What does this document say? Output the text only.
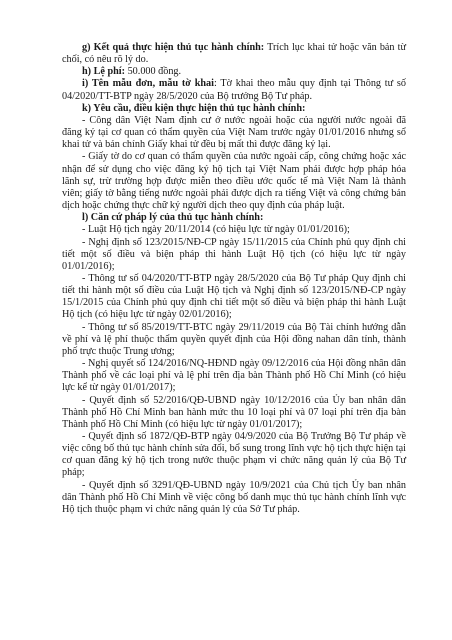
g) Kết quả thực hiện thủ tục hành chính: Trích lục khai tử hoặc văn bản từ chối, có nêu rõ lý do.

h) Lệ phí: 50.000 đồng.

i) Tên mẫu đơn, mẫu tờ khai: Tờ khai theo mẫu quy định tại Thông tư số 04/2020/TT-BTP ngày 28/5/2020 của Bộ trưởng Bộ Tư pháp.

k) Yêu cầu, điều kiện thực hiện thủ tục hành chính:

- Công dân Việt Nam định cư ở nước ngoài hoặc của người nước ngoài đã đăng ký tại cơ quan có thẩm quyền của Việt Nam trước ngày 01/01/2016 nhưng sổ khai tử và bản chính Giấy khai tử đều bị mất thì được đăng ký lại.

- Giấy tờ do cơ quan có thẩm quyền của nước ngoài cấp, công chứng hoặc xác nhận để sử dụng cho việc đăng ký hộ tịch tại Việt Nam phải được hợp pháp hóa lãnh sự, trừ trường hợp được miễn theo điều ước quốc tế mà Việt Nam là thành viên; giấy tờ bằng tiếng nước ngoài phải được dịch ra tiếng Việt và công chứng bản dịch hoặc chứng thực chữ ký người dịch theo quy định của pháp luật.

l) Căn cứ pháp lý của thủ tục hành chính:

- Luật Hộ tịch ngày 20/11/2014 (có hiệu lực từ ngày 01/01/2016);

- Nghị định số 123/2015/NĐ-CP ngày 15/11/2015 của Chính phủ quy định chi tiết một số điều và biện pháp thi hành Luật Hộ tịch (có hiệu lực từ ngày 01/01/2016);

- Thông tư số 04/2020/TT-BTP ngày 28/5/2020 của Bộ Tư pháp Quy định chi tiết thi hành một số điều của Luật Hộ tịch và Nghị định số 123/2015/NĐ-CP ngày 15/1/2015 của Chính phủ quy định chi tiết một số điều và biện pháp thi hành Luật Hộ tịch (có hiệu lực từ ngày 02/01/2016);

- Thông tư số 85/2019/TT-BTC ngày 29/11/2019 của Bộ Tài chính hướng dẫn về phí và lệ phí thuộc thẩm quyền quyết định của Hội đồng nahan dân tỉnh, thành phố trực thuộc Trung ương;

- Nghị quyết số 124/2016/NQ-HĐND ngày 09/12/2016 của Hội đồng nhân dân Thành phố về các loại phí và lệ phí trên địa bàn Thành phố Hồ Chí Minh (có hiệu lực kể từ ngày 01/01/2017);

- Quyết định số 52/2016/QĐ-UBND ngày 10/12/2016 của Ủy ban nhân dân Thành phố Hồ Chí Minh ban hành mức thu 10 loại phí và 07 loại phí trên địa bàn Thành phố Hồ Chí Minh (có hiệu lực từ ngày 01/01/2017);

- Quyết định số 1872/QĐ-BTP ngày 04/9/2020 của Bộ Trưởng Bộ Tư pháp về việc công bố thủ tục hành chính sửa đổi, bổ sung trong lĩnh vực hộ tịch thực hiện tại cơ quan đăng ký hộ tịch trong nước thuộc phạm vi chức năng quản lý của Bộ Tư pháp;

- Quyết định số 3291/QĐ-UBND ngày 10/9/2021 của Chủ tịch Ủy ban nhân dân Thành phố Hồ Chí Minh về việc công bố danh mục thủ tục hành chính lĩnh vực Hộ tịch thuộc phạm vi chức năng quản lý của Sở Tư pháp.
